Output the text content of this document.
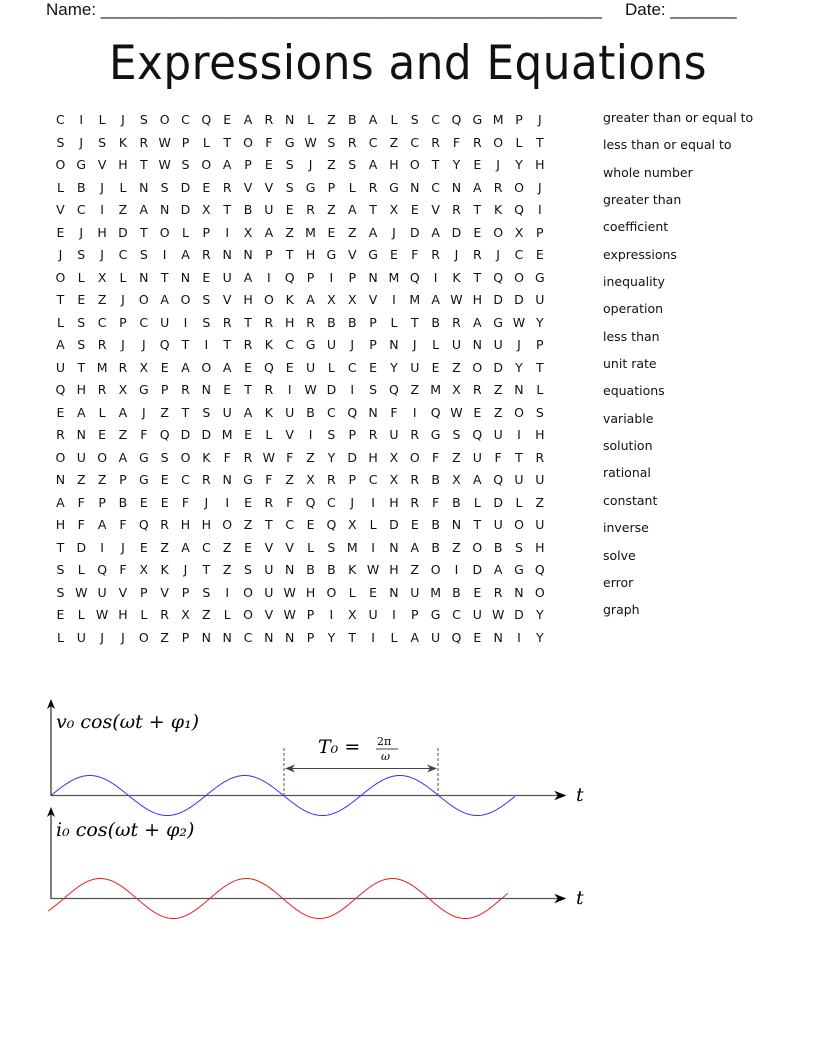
Name: _____________________________________________________ Date: _______
Expressions and Equations
C I L J S O C Q E A R N L Z B A L S C Q G M P J
S J S K R W P L T O F G W S R C Z C R F R O L T
O G V H T W S O A P E S J Z S A H O T Y E J Y H
L B J L N S D E R V V S G P L R G N C N A R O J
V C I Z A N D X T B U E R Z A T X E V R T K Q I
E J H D T O L P I X A Z M E Z A J D A D E O X P
J S J C S I A R N N P T H G V G E F R J R J C E
O L X L N T N E U A I Q P I P N M Q I K T Q O G
T E Z J O A O S V H O K A X X V I M A W H D D U
L S C P C U I S R T R H R B B P L T B R A G W Y
A S R J J Q T I T R K C G U J P N J L U N U J P
U T M R X E A O A E Q E U L C E Y U E Z O D Y T
Q H R X G P R N E T R I W D I S Q Z M X R Z N L
E A L A J Z T S U A K U B C Q N F I Q W E Z O S
R N E Z F Q D D M E L V I S P R U R G S Q U I H
O U O A G S O K F R W F Z Y D H X O F Z U F T R
N Z Z P G E C R N G F Z X R P C X R B X A Q U U
A F P B E E F J I E R F Q C J I H R F B L D L Z
H F A F Q R H H O Z T C E Q X L D E B N T U O U
T D I J E Z A C Z E V V L S M I N A B Z O B S H
S L Q F X K J T Z S U N B B K W H Z O I D A G Q
S W U V P V P S I O U W H O L E N U M B E R N O
E L W H L R X Z L O V W P I X U I P G C U W D Y
L U J J O Z P N N C N N P Y T I L A U Q E N I Y
greater than or equal to
less than or equal to
whole number
greater than
coefficient
expressions
inequality
operation
less than
unit rate
equations
variable
solution
rational
constant
inverse
solve
error
graph
v₀ cos(ωt + φ₁)
T₀ = 2π
ω
t
i₀ cos(ωt + φ₂)
t
